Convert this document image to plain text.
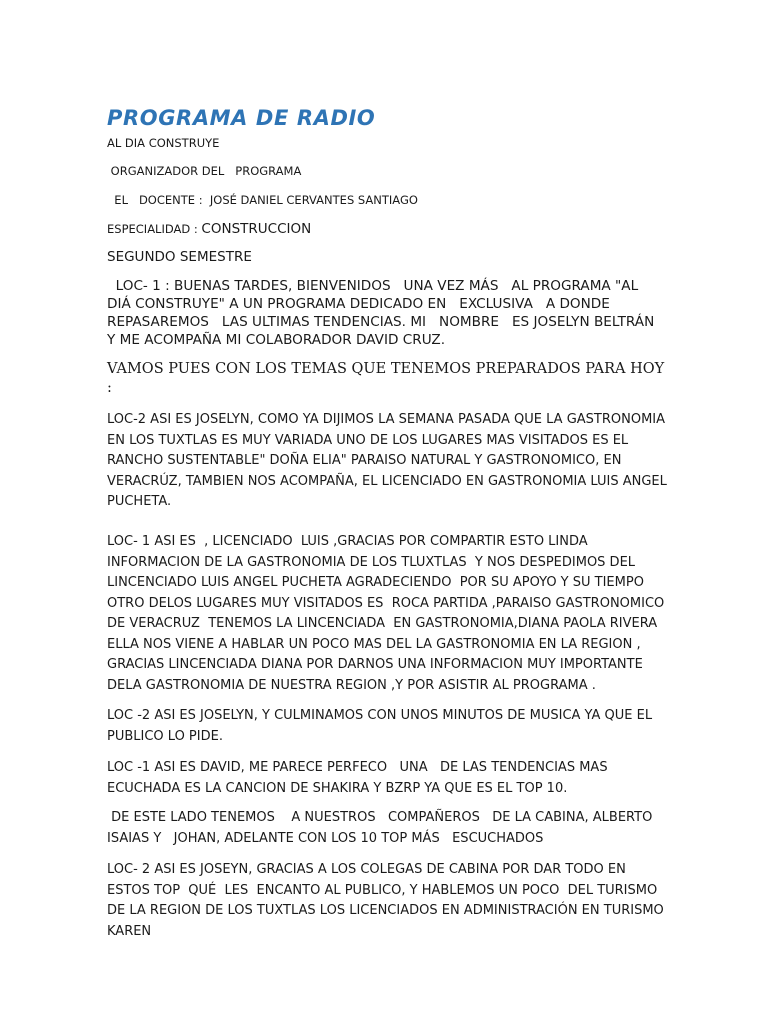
PROGRAMA DE RADIO

AL DIA CONSTRUYE

ORGANIZADOR DEL   PROGRAMA

EL   DOCENTE :  JOSÉ DANIEL CERVANTES SANTIAGO

ESPECIALIDAD : CONSTRUCCION

SEGUNDO SEMESTRE

LOC- 1 : BUENAS TARDES, BIENVENIDOS   UNA VEZ MÁS   AL PROGRAMA "AL DIÁ CONSTRUYE" A UN PROGRAMA DEDICADO EN   EXCLUSIVA   A DONDE REPASAREMOS   LAS ULTIMAS TENDENCIAS. MI   NOMBRE   ES JOSELYN BELTRÁN   Y ME ACOMPAÑA MI COLABORADOR DAVID CRUZ.

VAMOS PUES CON LOS TEMAS QUE TENEMOS PREPARADOS PARA HOY :

LOC-2 ASI ES JOSELYN, COMO YA DIJIMOS LA SEMANA PASADA QUE LA GASTRONOMIA EN LOS TUXTLAS ES MUY VARIADA UNO DE LOS LUGARES MAS VISITADOS ES EL RANCHO SUSTENTABLE" DOÑA ELIA" PARAISO NATURAL Y GASTRONOMICO, EN VERACRÚZ, TAMBIEN NOS ACOMPAÑA, EL LICENCIADO EN GASTRONOMIA LUIS ANGEL PUCHETA.

LOC- 1 ASI ES  , LICENCIADO  LUIS ,GRACIAS POR COMPARTIR ESTO LINDA INFORMACION DE LA GASTRONOMIA DE LOS TLUXTLAS  Y NOS DESPEDIMOS DEL LINCENCIADO LUIS ANGEL PUCHETA AGRADECIENDO  POR SU APOYO Y SU TIEMPO  OTRO DELOS LUGARES MUY VISITADOS ES  ROCA PARTIDA ,PARAISO GASTRONOMICO DE VERACRUZ  TENEMOS LA LINCENCIADA  EN GASTRONOMIA,DIANA PAOLA RIVERA   ELLA NOS VIENE A HABLAR UN POCO MAS DEL LA GASTRONOMIA EN LA REGION , GRACIAS LINCENCIADA DIANA POR DARNOS UNA INFORMACION MUY IMPORTANTE DELA GASTRONOMIA DE NUESTRA REGION ,Y POR ASISTIR AL PROGRAMA .

LOC -2 ASI ES JOSELYN, Y CULMINAMOS CON UNOS MINUTOS DE MUSICA YA QUE EL PUBLICO LO PIDE.

LOC -1 ASI ES DAVID, ME PARECE PERFECO   UNA   DE LAS TENDENCIAS MAS ECUCHADA ES LA CANCION DE SHAKIRA Y BZRP YA QUE ES EL TOP 10.

DE ESTE LADO TENEMOS    A NUESTROS   COMPAÑEROS   DE LA CABINA, ALBERTO ISAIAS Y   JOHAN, ADELANTE CON LOS 10 TOP MÁS   ESCUCHADOS

LOC- 2 ASI ES JOSEYN, GRACIAS A LOS COLEGAS DE CABINA POR DAR TODO EN   ESTOS TOP  QUÉ  LES  ENCANTO AL PUBLICO, Y HABLEMOS UN POCO  DEL TURISMO  DE LA REGION DE LOS TUXTLAS LOS LICENCIADOS EN ADMINISTRACIÓN EN TURISMO KAREN
